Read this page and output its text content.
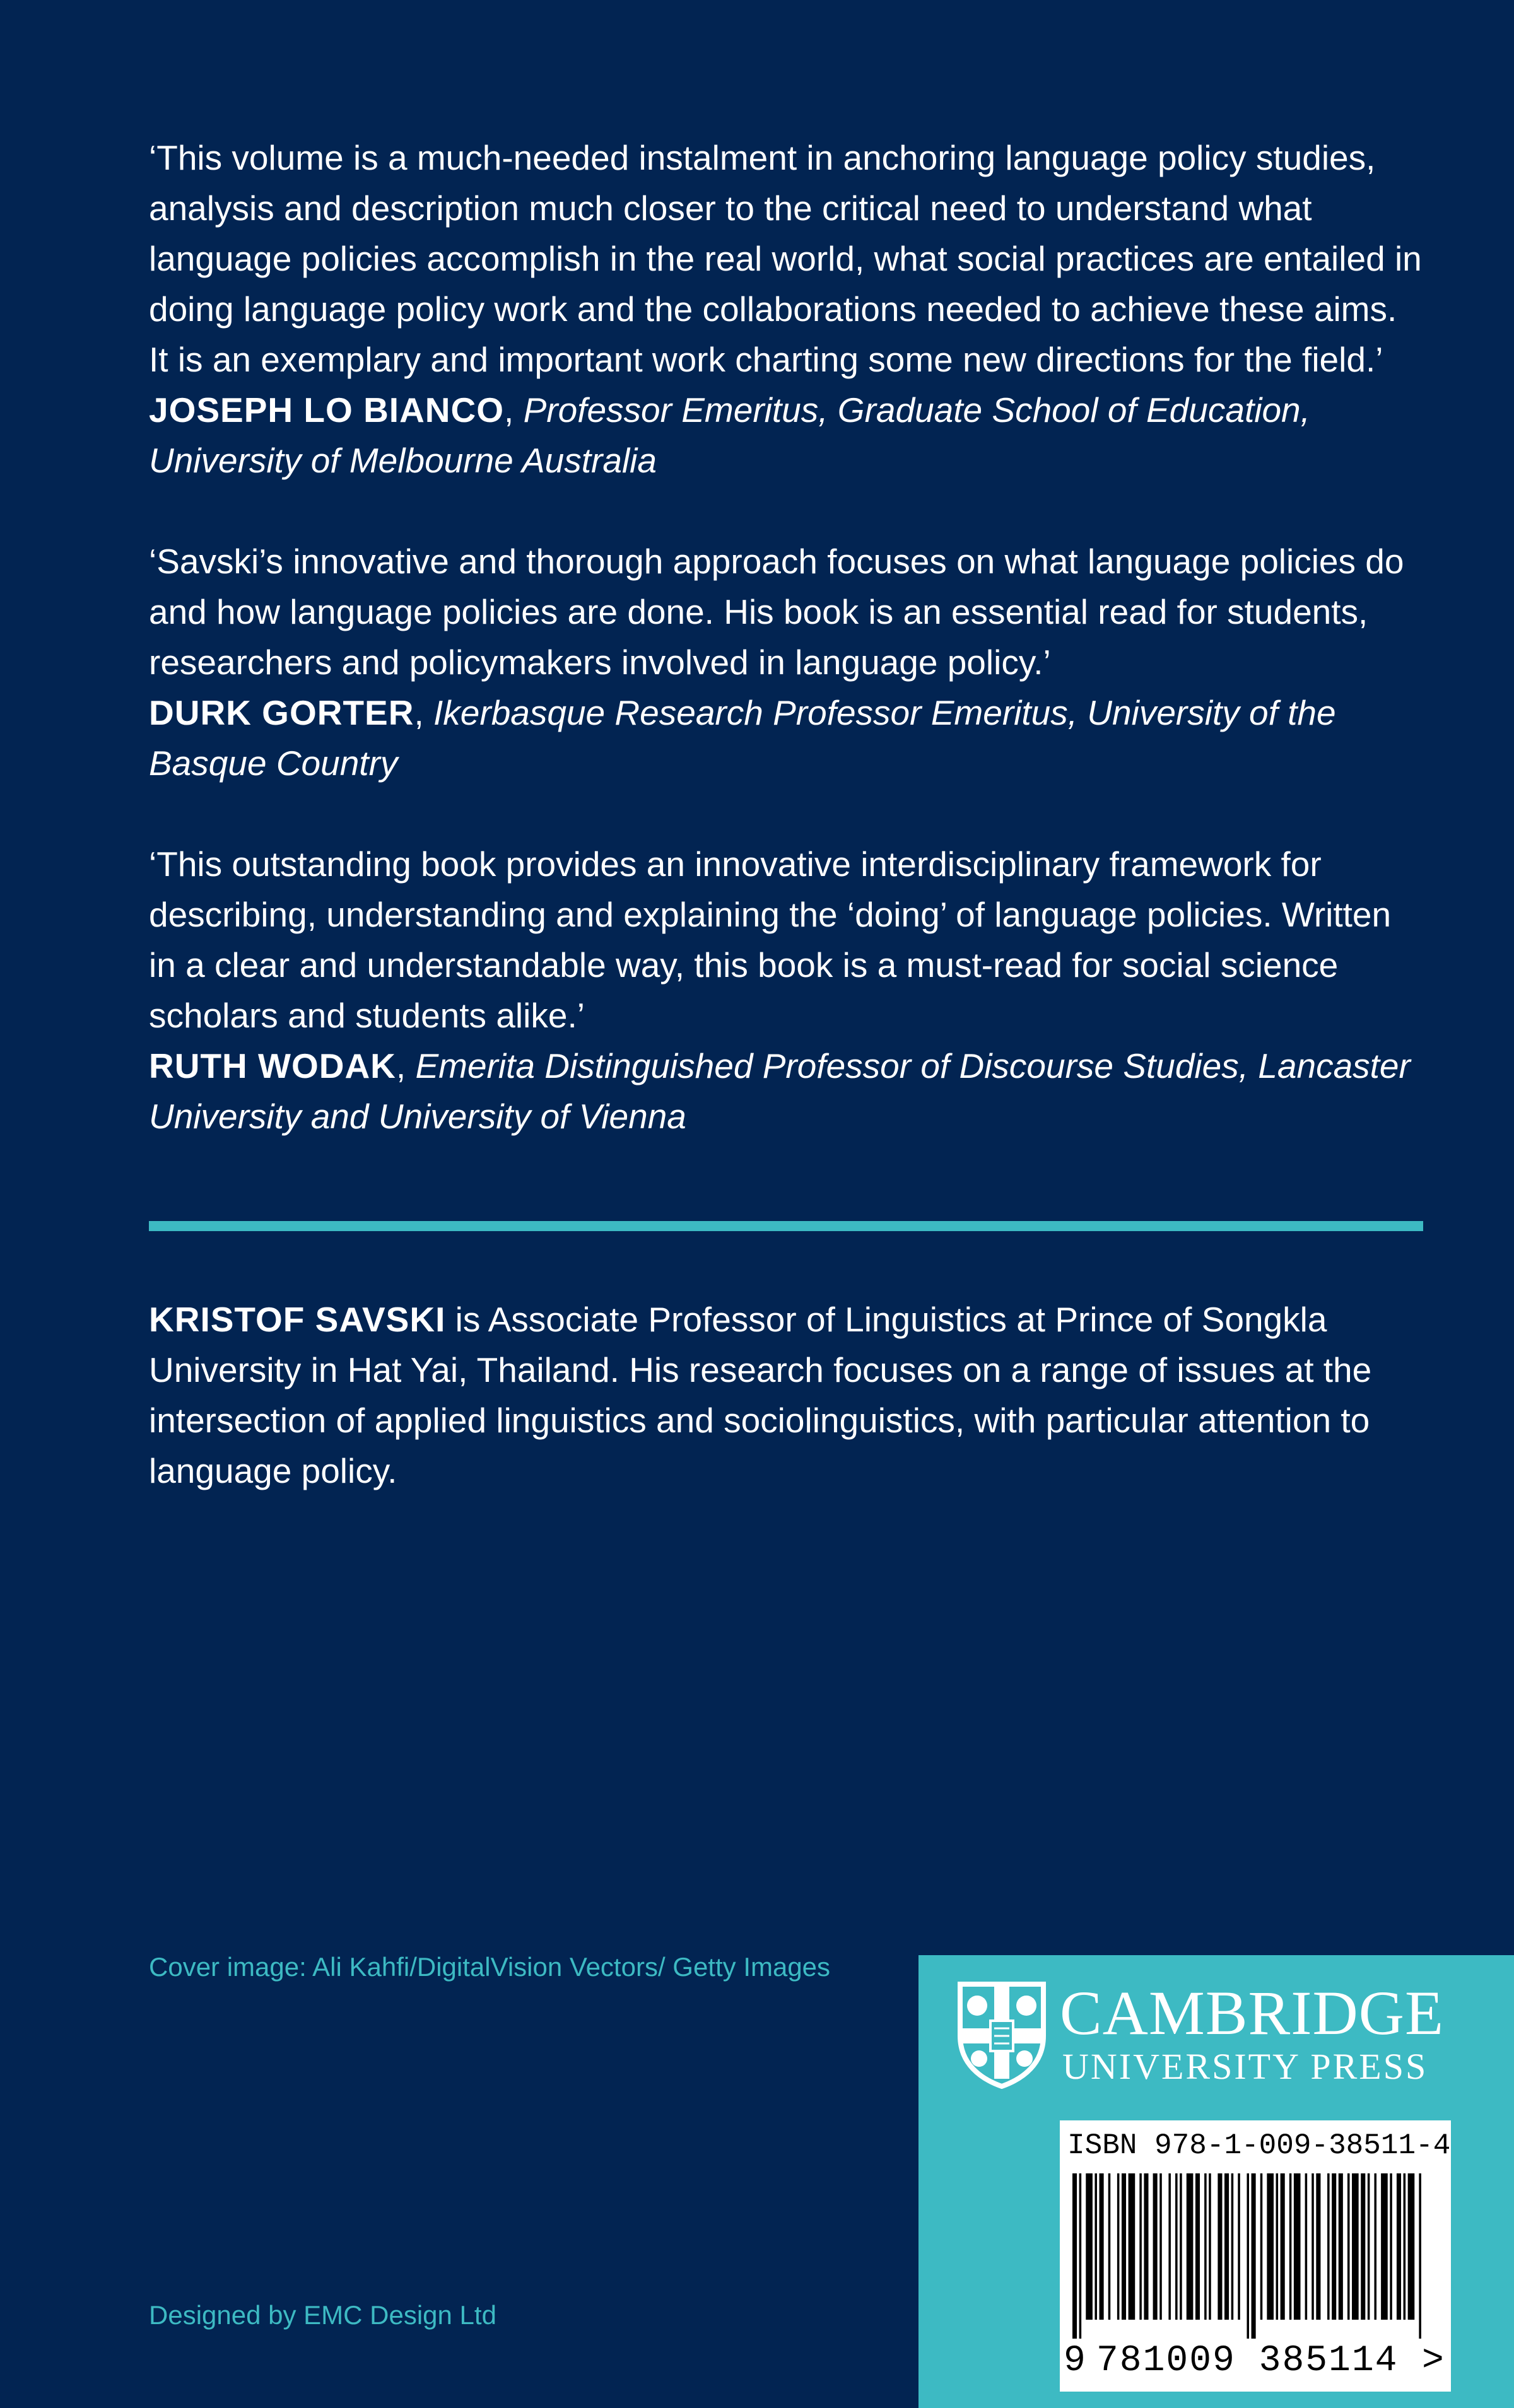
‘This volume is a much-needed instalment in anchoring language policy studies, analysis and description much closer to the critical need to understand what language policies accomplish in the real world, what social practices are entailed in doing language policy work and the collaborations needed to achieve these aims. It is an exemplary and important work charting some new directions for the field.’

JOSEPH LO BIANCO, Professor Emeritus, Graduate School of Education, University of Melbourne Australia

‘Savski’s innovative and thorough approach focuses on what language policies do and how language policies are done. His book is an essential read for students, researchers and policymakers involved in language policy.’

DURK GORTER, Ikerbasque Research Professor Emeritus, University of the Basque Country

‘This outstanding book provides an innovative interdisciplinary framework for describing, understanding and explaining the ‘doing’ of language policies. Written in a clear and understandable way, this book is a must-read for social science scholars and students alike.’

RUTH WODAK, Emerita Distinguished Professor of Discourse Studies, Lancaster University and University of Vienna

KRISTOF SAVSKI is Associate Professor of Linguistics at Prince of Songkla University in Hat Yai, Thailand. His research focuses on a range of issues at the intersection of applied linguistics and sociolinguistics, with particular attention to language policy.

Cover image: Ali Kahfi/DigitalVision Vectors/ Getty Images

Designed by EMC Design Ltd

CAMBRIDGE

UNIVERSITY PRESS

ISBN 978-1-009-38511-4

9 781009 385114 >
